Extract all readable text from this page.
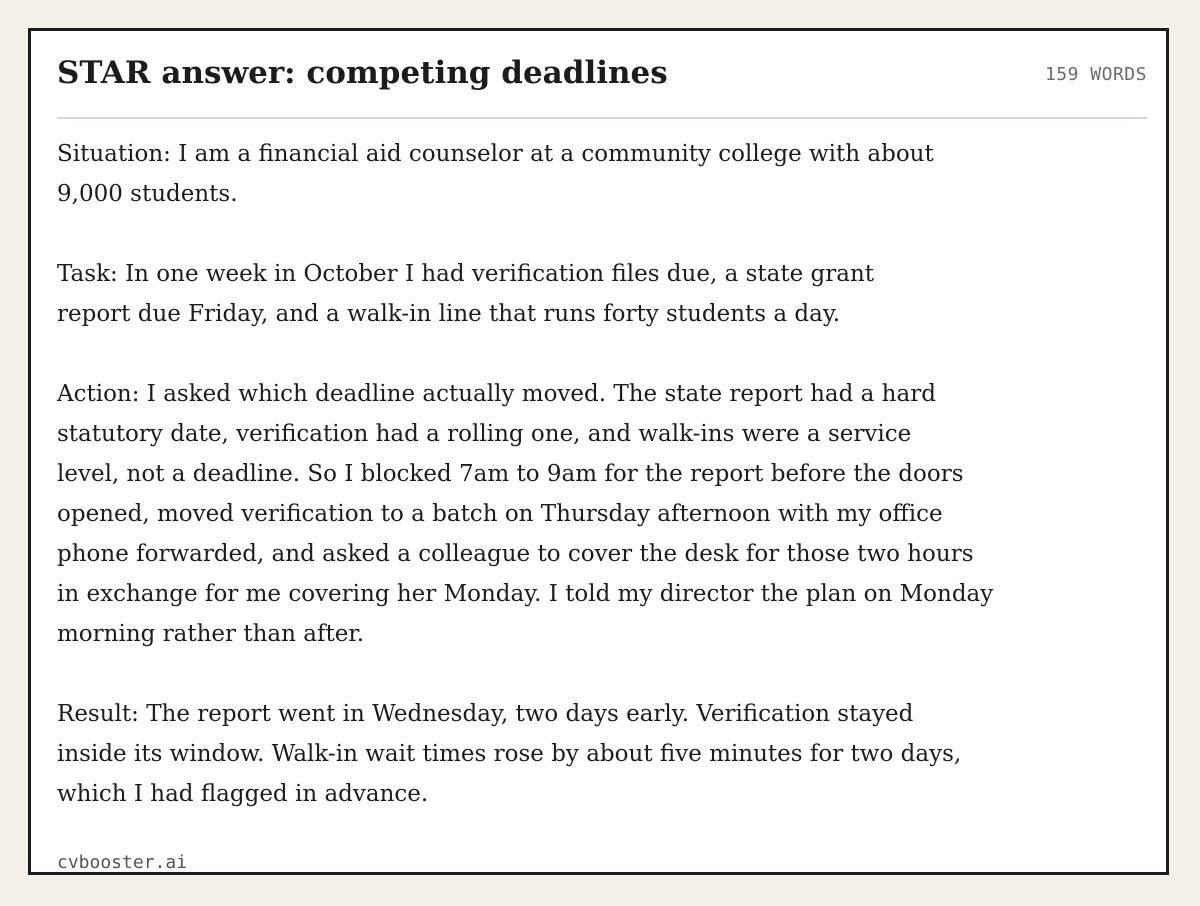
STAR answer: competing deadlines	159 WORDS

Situation: I am a financial aid counselor at a community college with about
9,000 students.

Task: In one week in October I had verification files due, a state grant
report due Friday, and a walk-in line that runs forty students a day.

Action: I asked which deadline actually moved. The state report had a hard
statutory date, verification had a rolling one, and walk-ins were a service
level, not a deadline. So I blocked 7am to 9am for the report before the doors
opened, moved verification to a batch on Thursday afternoon with my office
phone forwarded, and asked a colleague to cover the desk for those two hours
in exchange for me covering her Monday. I told my director the plan on Monday
morning rather than after.

Result: The report went in Wednesday, two days early. Verification stayed
inside its window. Walk-in wait times rose by about five minutes for two days,
which I had flagged in advance.

cvbooster.ai
